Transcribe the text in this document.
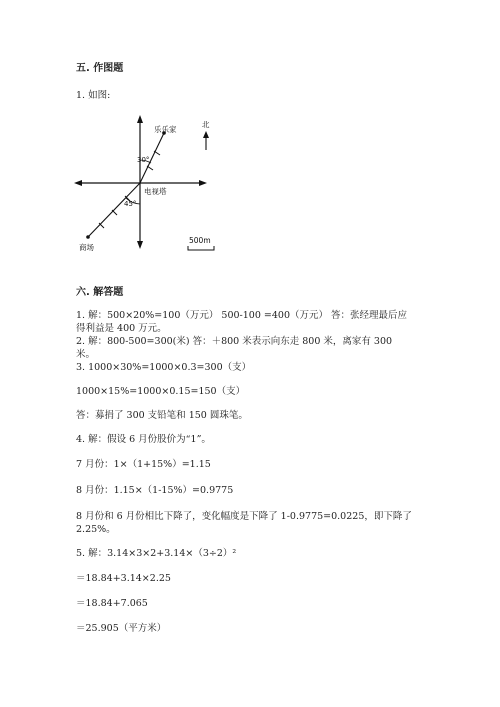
五. 作图题
1. 如图:
乐乐家
北
30°
电视塔
45°
商场
500m
六. 解答题
1. 解：500×20%=100（万元） 500-100 =400（万元） 答：张经理最后应
得利益是 400 万元。
2. 解：800-500=300(米) 答：＋800 米表示向东走 800 米，离家有 300
米。
3. 1000×30%=1000×0.3=300（支）
1000×15%=1000×0.15=150（支）
答：募捐了 300 支铅笔和 150 圆珠笔。
4. 解：假设 6 月份股价为“1”。
7 月份：1×（1+15%）=1.15
8 月份：1.15×（1-15%）=0.9775
8 月份和 6 月份相比下降了，变化幅度是下降了 1-0.9775=0.0225，即下降了
2.25%。
5. 解：3.14×3×2+3.14×（3÷2）²
＝18.84+3.14×2.25
＝18.84+7.065
＝25.905（平方米）
